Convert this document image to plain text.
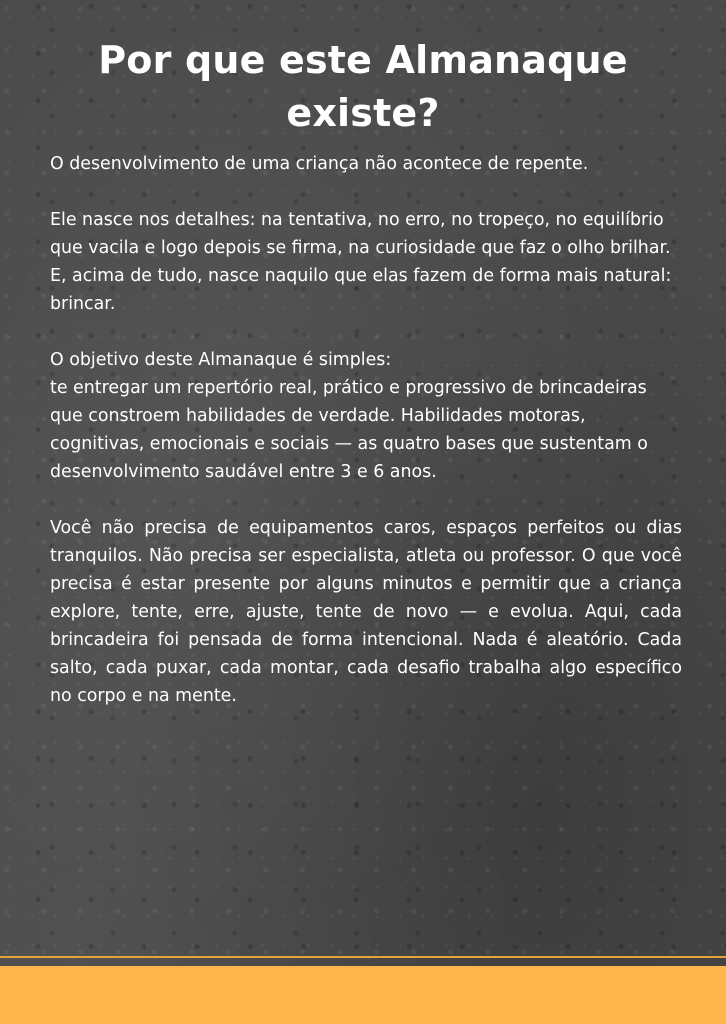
Por que este Almanaque existe?

O desenvolvimento de uma criança não acontece de repente.

Ele nasce nos detalhes: na tentativa, no erro, no tropeço, no equilíbrio que vacila e logo depois se firma, na curiosidade que faz o olho brilhar. E, acima de tudo, nasce naquilo que elas fazem de forma mais natural: brincar.

O objetivo deste Almanaque é simples:
te entregar um repertório real, prático e progressivo de brincadeiras que constroem habilidades de verdade. Habilidades motoras, cognitivas, emocionais e sociais — as quatro bases que sustentam o desenvolvimento saudável entre 3 e 6 anos.

Você não precisa de equipamentos caros, espaços perfeitos ou dias tranquilos. Não precisa ser especialista, atleta ou professor. O que você precisa é estar presente por alguns minutos e permitir que a criança explore, tente, erre, ajuste, tente de novo — e evolua. Aqui, cada brincadeira foi pensada de forma intencional. Nada é aleatório. Cada salto, cada puxar, cada montar, cada desafio trabalha algo específico no corpo e na mente.
